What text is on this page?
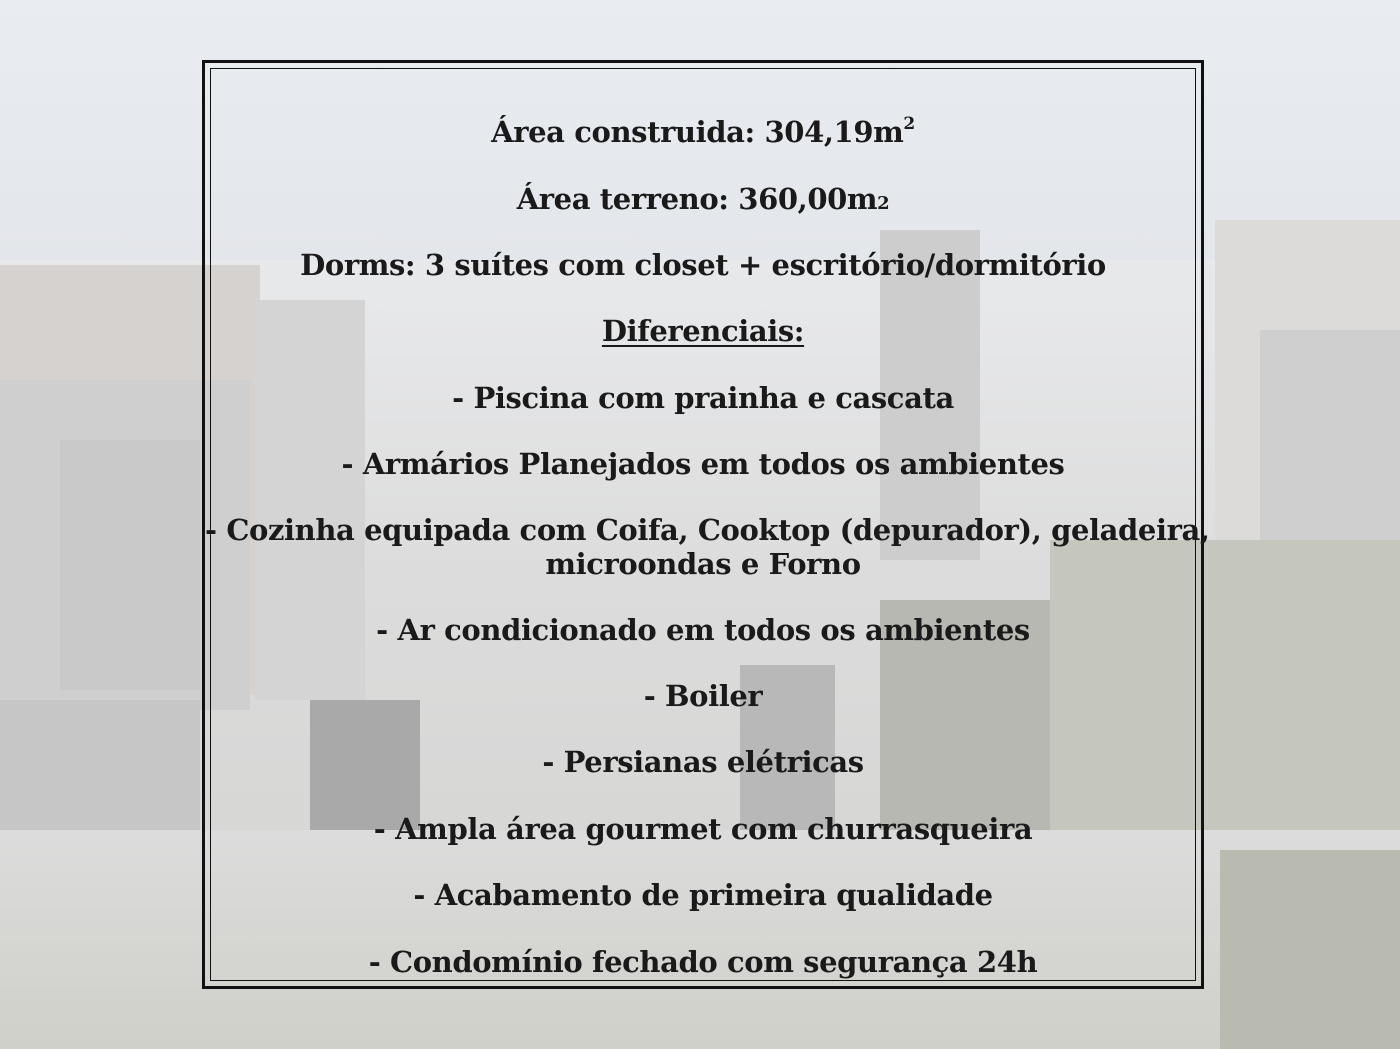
Área construida: $304,19m^2$
Área terreno: 360,00m2
Dorms: 3 suítes com closet + escritório/dormitório
Diferenciais:
- Piscina com prainha e cascata
- Armários Planejados em todos os ambientes
- Cozinha equipada com Coifa, Cooktop (depurador), geladeira,
microondas e Forno
- Ar condicionado em todos os ambientes
- Boiler
- Persianas elétricas
- Ampla área gourmet com churrasqueira
- Acabamento de primeira qualidade
- Condomínio fechado com segurança 24h
